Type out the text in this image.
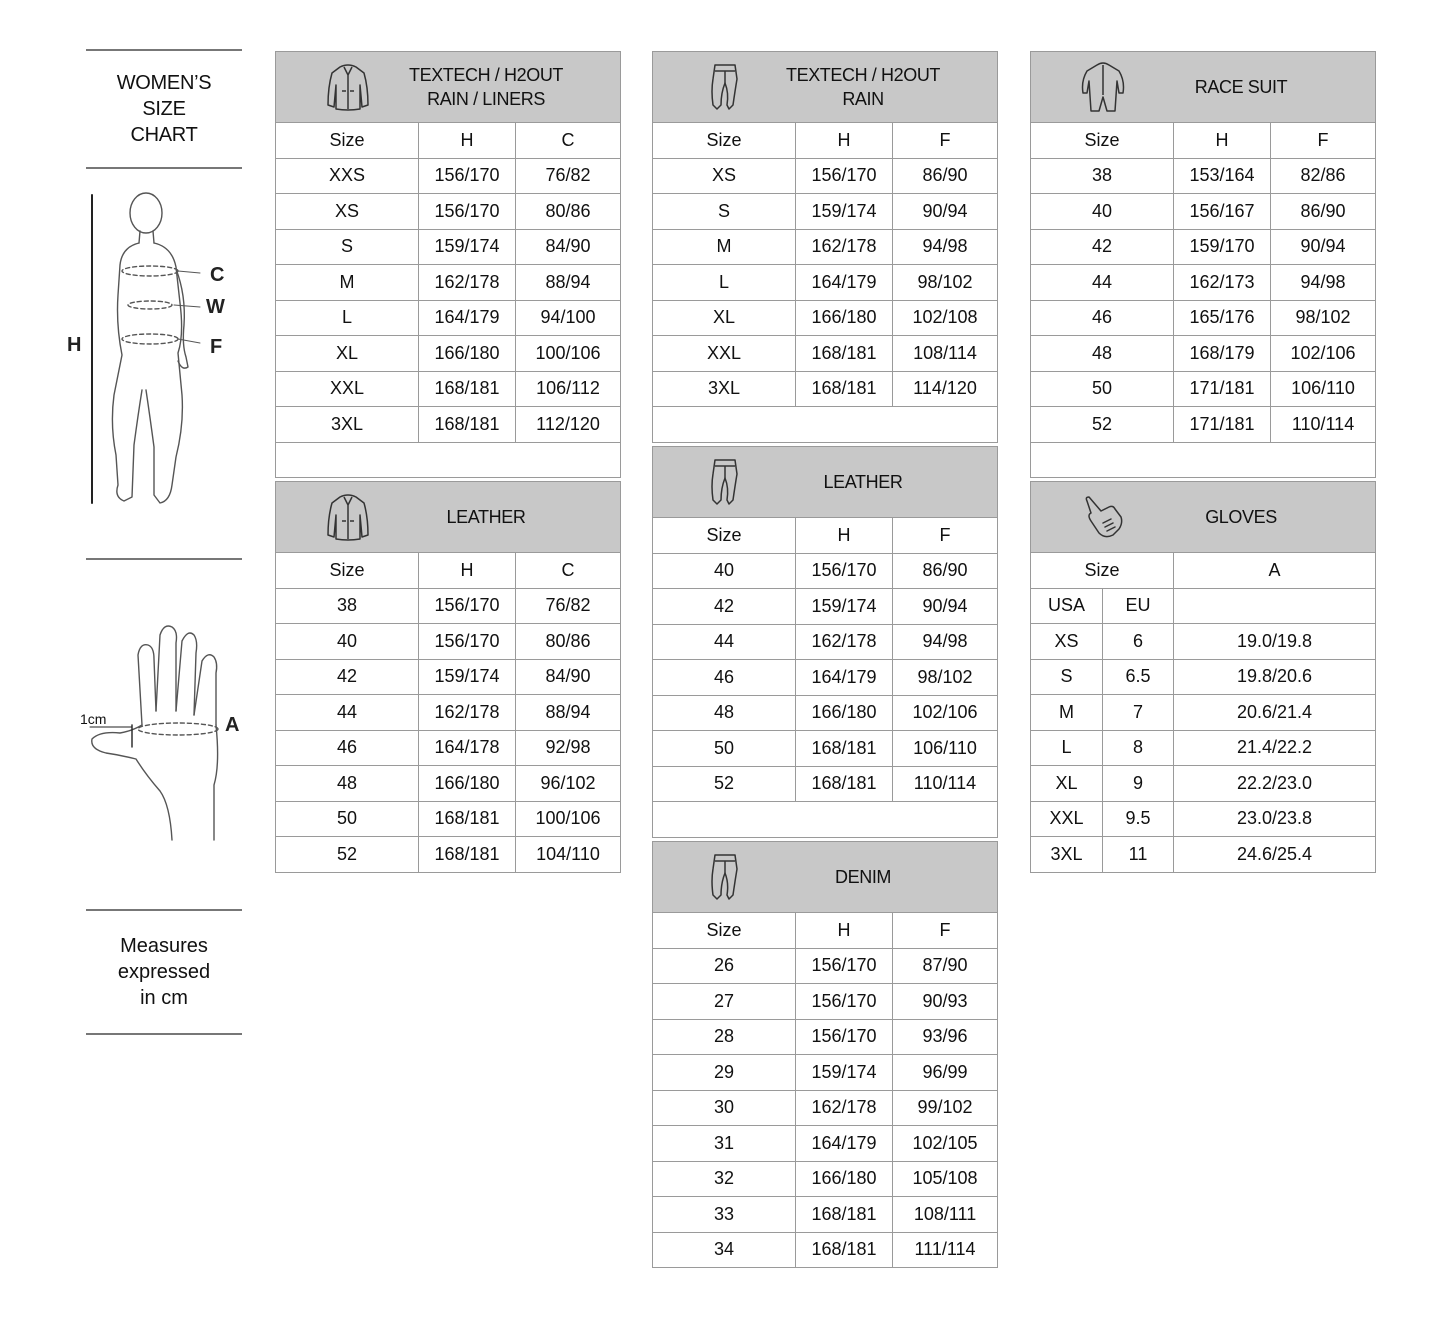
WOMEN’S
SIZE
CHART
H
C
W
F
1cm	A
Measures
expressed
in cm
TEXTECH / H2OUT
RAIN / LINERS		

Size	H	C
XXS	156/170	76/82
XS	156/170	80/86
S	159/174	84/90
M	162/178	88/94
L	164/179	94/100
XL	166/180	100/106
XXL	168/181	106/112
3XL	168/181	112/120

LEATHER		

Size	H	C
38	156/170	76/82
40	156/170	80/86
42	159/174	84/90
44	162/178	88/94
46	164/178	92/98
48	166/180	96/102
50	168/181	100/106
52	168/181	104/110
TEXTECH / H2OUT
RAIN		

Size	H	F
XS	156/170	86/90
S	159/174	90/94
M	162/178	94/98
L	164/179	98/102
XL	166/180	102/108
XXL	168/181	108/114
3XL	168/181	114/120

LEATHER		

Size	H	F
40	156/170	86/90
42	159/174	90/94
44	162/178	94/98
46	164/179	98/102
48	166/180	102/106
50	168/181	106/110
52	168/181	110/114

DENIM		

Size	H	F
26	156/170	87/90
27	156/170	90/93
28	156/170	93/96
29	159/174	96/99
30	162/178	99/102
31	164/179	102/105
32	166/180	105/108
33	168/181	108/111
34	168/181	111/114
RACE SUIT		

Size	H	F
38	153/164	82/86
40	156/167	86/90
42	159/170	90/94
44	162/173	94/98
46	165/176	98/102
48	168/179	102/106
50	171/181	106/110
52	171/181	110/114

GLOVES		

Size		A
USA	EU	
XS	6	19.0/19.8
S	6.5	19.8/20.6
M	7	20.6/21.4
L	8	21.4/22.2
XL	9	22.2/23.0
XXL	9.5	23.0/23.8
3XL	11	24.6/25.4
